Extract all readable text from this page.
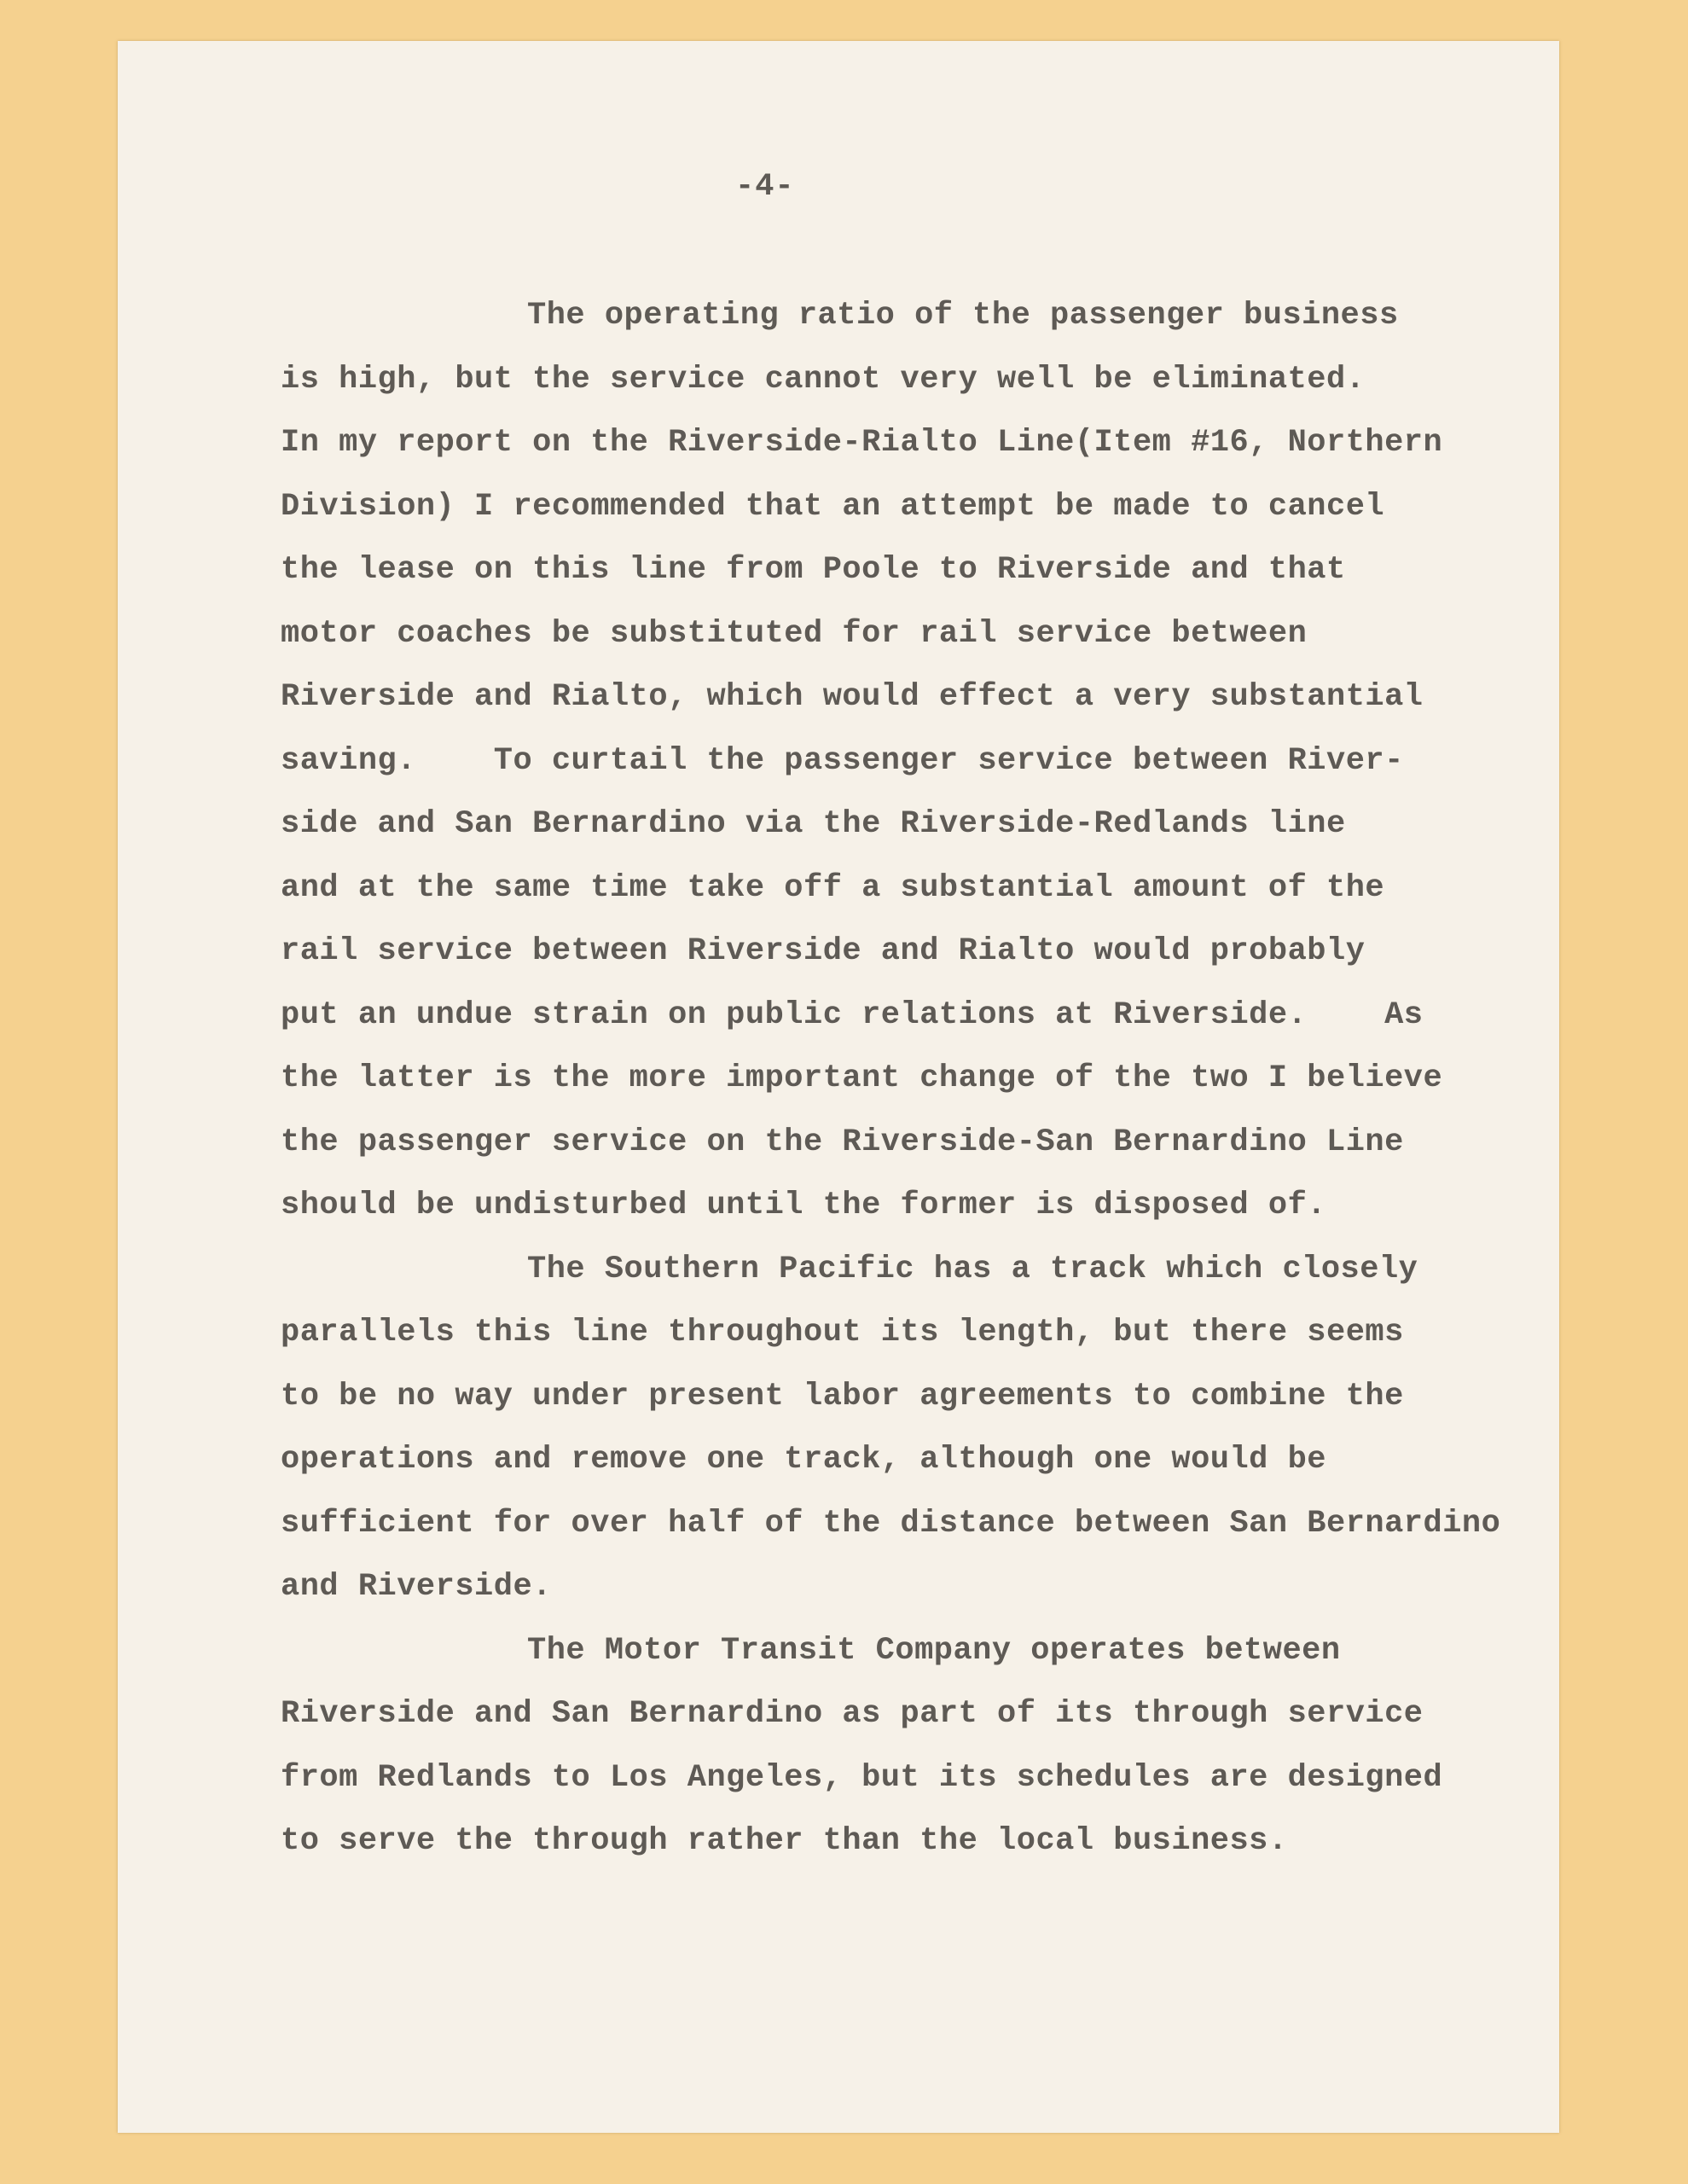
-4-

The operating ratio of the passenger business

is high, but the service cannot very well be eliminated.

In my report on the Riverside-Rialto Line(Item #16, Northern

Division) I recommended that an attempt be made to cancel

the lease on this line from Poole to Riverside and that

motor coaches be substituted for rail service between

Riverside and Rialto, which would effect a very substantial

saving.    To curtail the passenger service between River-

side and San Bernardino via the Riverside-Redlands line

and at the same time take off a substantial amount of the

rail service between Riverside and Rialto would probably

put an undue strain on public relations at Riverside.    As

the latter is the more important change of the two I believe

the passenger service on the Riverside-San Bernardino Line

should be undisturbed until the former is disposed of.

The Southern Pacific has a track which closely

parallels this line throughout its length, but there seems

to be no way under present labor agreements to combine the

operations and remove one track, although one would be

sufficient for over half of the distance between San Bernardino

and Riverside.

The Motor Transit Company operates between

Riverside and San Bernardino as part of its through service

from Redlands to Los Angeles, but its schedules are designed

to serve the through rather than the local business.
